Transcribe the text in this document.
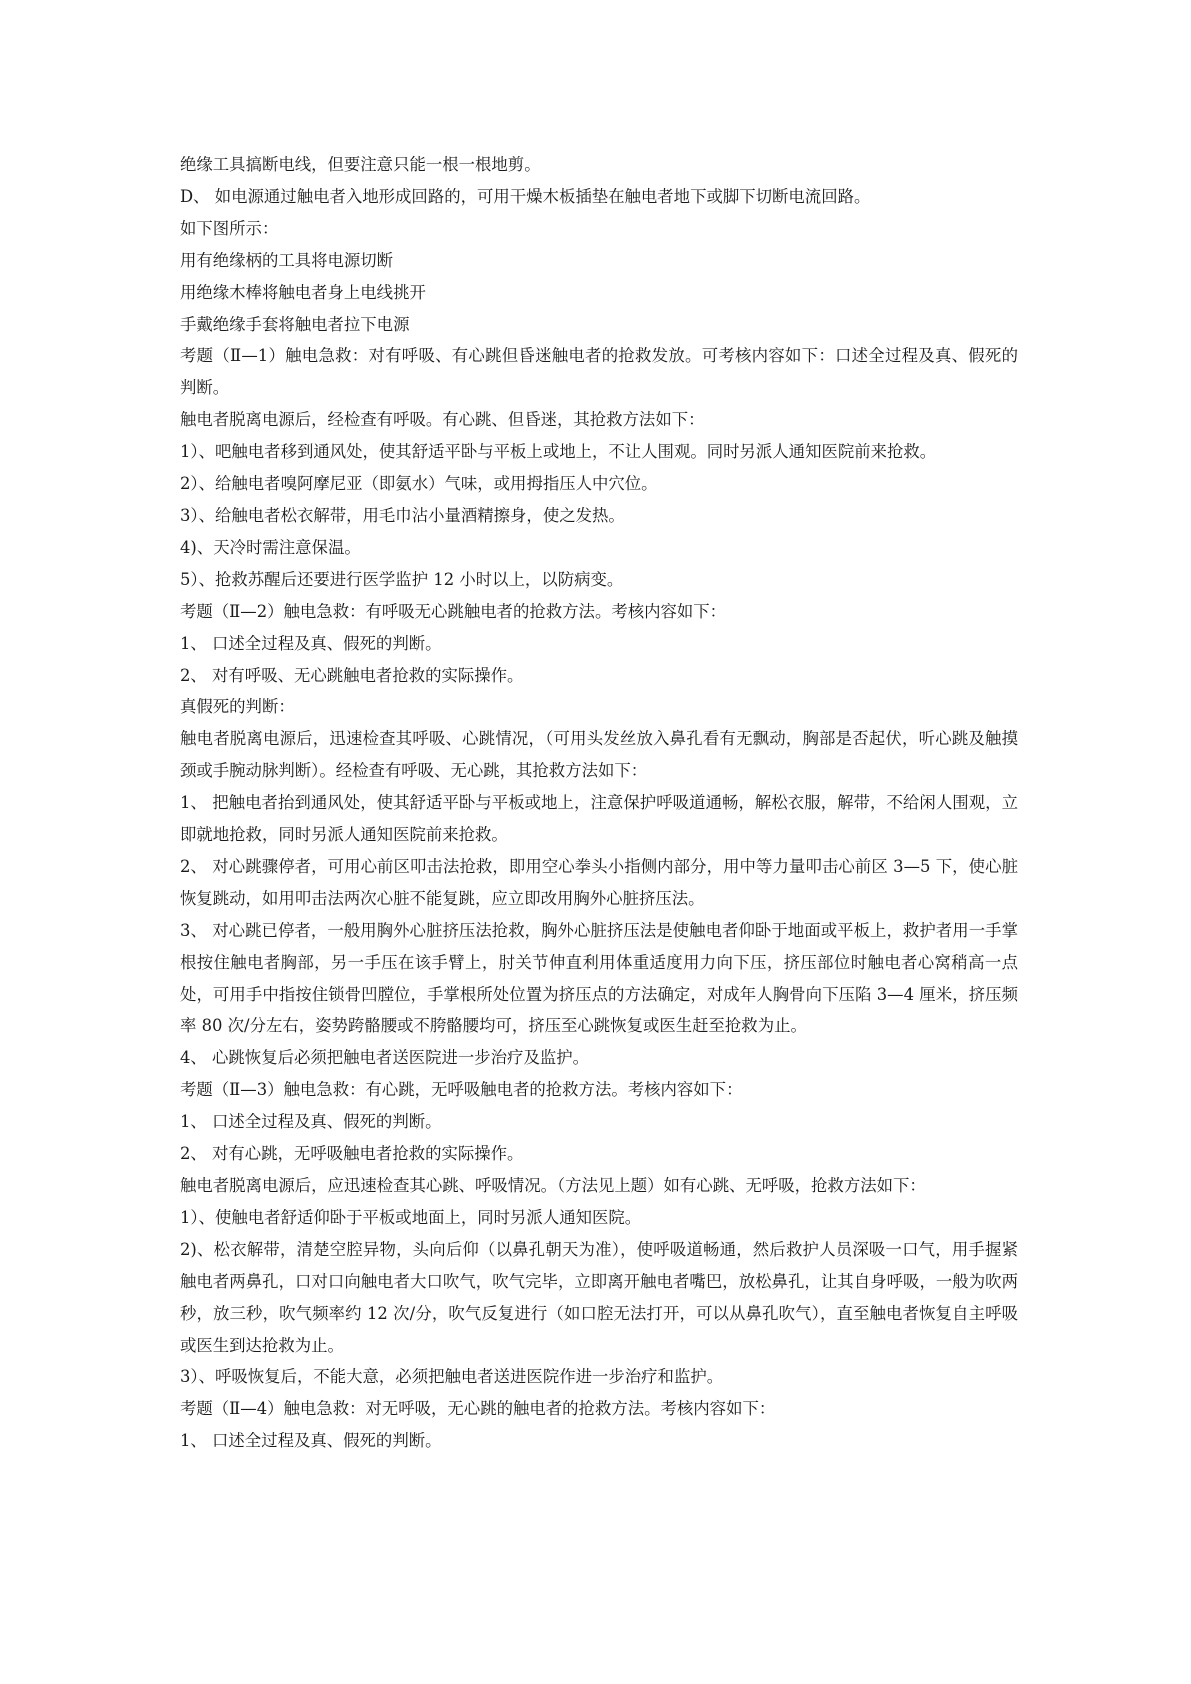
绝缘工具搞断电线，但要注意只能一根一根地剪。

D、 如电源通过触电者入地形成回路的，可用干燥木板插垫在触电者地下或脚下切断电流回路。

如下图所示：

用有绝缘柄的工具将电源切断

用绝缘木棒将触电者身上电线挑开

手戴绝缘手套将触电者拉下电源

考题（Ⅱ—1）触电急救：对有呼吸、有心跳但昏迷触电者的抢救发放。可考核内容如下：口述全过程及真、假死的判断。

触电者脱离电源后，经检查有呼吸。有心跳、但昏迷，其抢救方法如下：

1）、吧触电者移到通风处，使其舒适平卧与平板上或地上，不让人围观。同时另派人通知医院前来抢救。

2）、给触电者嗅阿摩尼亚（即氨水）气味，或用拇指压人中穴位。

3）、给触电者松衣解带，用毛巾沾小量酒精擦身，使之发热。

4)、天冷时需注意保温。

5）、抢救苏醒后还要进行医学监护 12 小时以上，以防病变。

考题（Ⅱ—2）触电急救：有呼吸无心跳触电者的抢救方法。考核内容如下：

1、 口述全过程及真、假死的判断。

2、 对有呼吸、无心跳触电者抢救的实际操作。

真假死的判断：

触电者脱离电源后，迅速检查其呼吸、心跳情况，（可用头发丝放入鼻孔看有无飘动，胸部是否起伏，听心跳及触摸颈或手腕动脉判断）。经检查有呼吸、无心跳，其抢救方法如下：

1、 把触电者抬到通风处，使其舒适平卧与平板或地上，注意保护呼吸道通畅，解松衣服，解带，不给闲人围观，立即就地抢救，同时另派人通知医院前来抢救。

2、 对心跳骤停者，可用心前区叩击法抢救，即用空心拳头小指侧内部分，用中等力量叩击心前区 3—5 下，使心脏恢复跳动，如用叩击法两次心脏不能复跳，应立即改用胸外心脏挤压法。

3、 对心跳已停者，一般用胸外心脏挤压法抢救，胸外心脏挤压法是使触电者仰卧于地面或平板上，救护者用一手掌根按住触电者胸部，另一手压在该手臂上，肘关节伸直利用体重适度用力向下压，挤压部位时触电者心窝稍高一点处，可用手中指按住锁骨凹膛位，手掌根所处位置为挤压点的方法确定，对成年人胸骨向下压陷 3—4 厘米，挤压频率 80 次/分左右，姿势跨骼腰或不胯骼腰均可，挤压至心跳恢复或医生赶至抢救为止。

4、 心跳恢复后必须把触电者送医院进一步治疗及监护。

考题（Ⅱ—3）触电急救：有心跳，无呼吸触电者的抢救方法。考核内容如下：

1、 口述全过程及真、假死的判断。

2、 对有心跳，无呼吸触电者抢救的实际操作。

触电者脱离电源后，应迅速检查其心跳、呼吸情况。（方法见上题）如有心跳、无呼吸，抢救方法如下：

1）、使触电者舒适仰卧于平板或地面上，同时另派人通知医院。

2)、松衣解带，清楚空腔异物，头向后仰（以鼻孔朝天为准），使呼吸道畅通，然后救护人员深吸一口气，用手握紧触电者两鼻孔，口对口向触电者大口吹气，吹气完毕，立即离开触电者嘴巴，放松鼻孔，让其自身呼吸，一般为吹两秒，放三秒，吹气频率约 12 次/分，吹气反复进行（如口腔无法打开，可以从鼻孔吹气），直至触电者恢复自主呼吸或医生到达抢救为止。

3）、呼吸恢复后，不能大意，必须把触电者送进医院作进一步治疗和监护。

考题（Ⅱ—4）触电急救：对无呼吸，无心跳的触电者的抢救方法。考核内容如下：

1、 口述全过程及真、假死的判断。
